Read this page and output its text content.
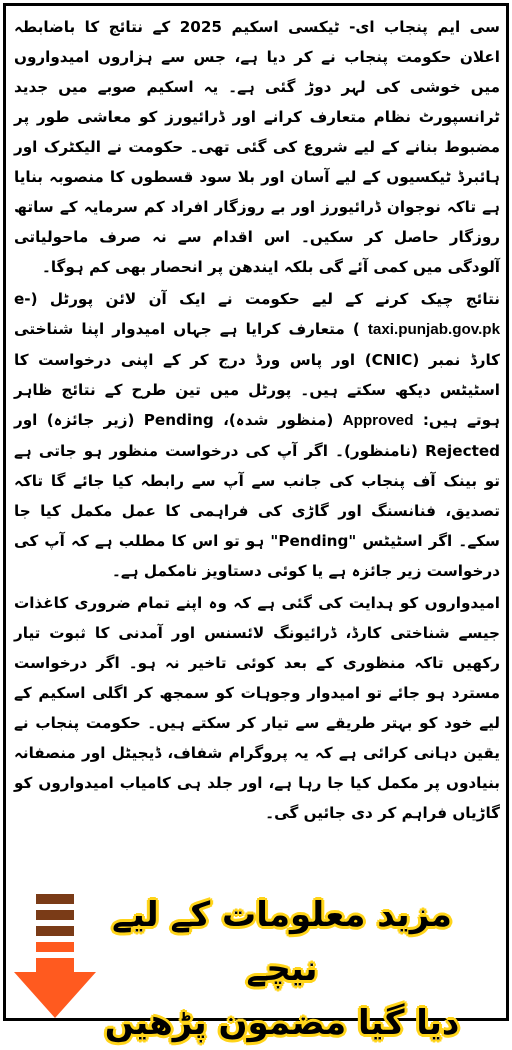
سی ایم پنجاب ای- ٹیکسی اسکیم 2025 کے نتائج کا باضابطہ اعلان حکومت پنجاب نے کر دیا ہے، جس سے ہزاروں امیدواروں میں خوشی کی لہر دوڑ گئی ہے۔ یہ اسکیم صوبے میں جدید ٹرانسپورٹ نظام متعارف کرانے اور ڈرائیورز کو معاشی طور پر مضبوط بنانے کے لیے شروع کی گئی تھی۔ حکومت نے الیکٹرک اور ہائبرڈ ٹیکسیوں کے لیے آسان اور بلا سود قسطوں کا منصوبہ بنایا ہے تاکہ نوجوان ڈرائیورز اور بے روزگار افراد کم سرمایہ کے ساتھ روزگار حاصل کر سکیں۔ اس اقدام سے نہ صرف ماحولیاتی آلودگی میں کمی آئے گی بلکہ ایندھن پر انحصار بھی کم ہوگا۔

نتائج چیک کرنے کے لیے حکومت نے ایک آن لائن پورٹل (e- taxi.punjab.gov.pk ) متعارف کرایا ہے جہاں امیدوار اپنا شناختی کارڈ نمبر (CNIC) اور پاس ورڈ درج کر کے اپنی درخواست کا اسٹیٹس دیکھ سکتے ہیں۔ پورٹل میں تین طرح کے نتائج ظاہر ہوتے ہیں: Approved (منظور شدہ)، Pending (زیر جائزہ) اور Rejected (نامنظور)۔ اگر آپ کی درخواست منظور ہو جاتی ہے تو بینک آف پنجاب کی جانب سے آپ سے رابطہ کیا جائے گا تاکہ تصدیق، فنانسنگ اور گاڑی کی فراہمی کا عمل مکمل کیا جا سکے۔ اگر اسٹیٹس "Pending" ہو تو اس کا مطلب ہے کہ آپ کی درخواست زیر جائزہ ہے یا کوئی دستاویز نامکمل ہے۔

امیدواروں کو ہدایت کی گئی ہے کہ وہ اپنے تمام ضروری کاغذات جیسے شناختی کارڈ، ڈرائیونگ لائسنس اور آمدنی کا ثبوت تیار رکھیں تاکہ منظوری کے بعد کوئی تاخیر نہ ہو۔ اگر درخواست مسترد ہو جائے تو امیدوار وجوہات کو سمجھ کر اگلی اسکیم کے لیے خود کو بہتر طریقے سے تیار کر سکتے ہیں۔ حکومت پنجاب نے یقین دہانی کرائی ہے کہ یہ پروگرام شفاف، ڈیجیٹل اور منصفانہ بنیادوں پر مکمل کیا جا رہا ہے، اور جلد ہی کامیاب امیدواروں کو گاڑیاں فراہم کر دی جائیں گی۔

مزید معلومات کے لیے نیچے
دیا گیا مضمون پڑھیں
